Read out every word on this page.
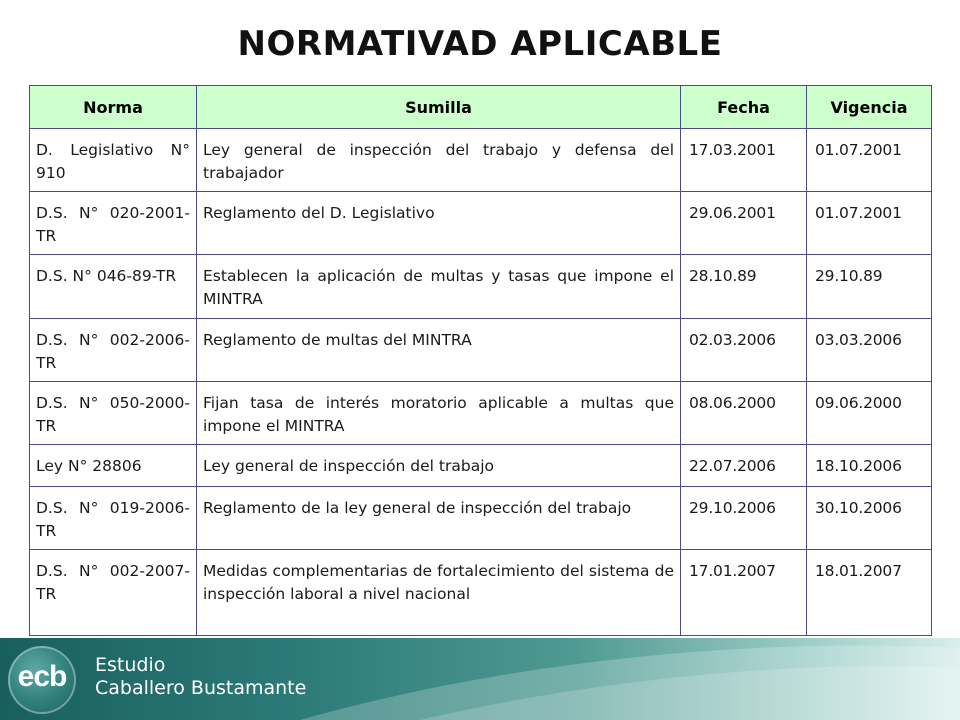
NORMATIVAD APLICABLE
Norma	Sumilla	Fecha	Vigencia
D. Legislativo N° 910	Ley general de inspección del trabajo y defensa del trabajador	17.03.2001	01.07.2001
D.S. N° 020-2001-TR	Reglamento del D. Legislativo	29.06.2001	01.07.2001
D.S. N° 046-89-TR	Establecen la aplicación de multas y tasas que impone el MINTRA	28.10.89	29.10.89
D.S. N° 002-2006-TR	Reglamento de multas del MINTRA	02.03.2006	03.03.2006
D.S. N° 050-2000-TR	Fijan tasa de interés moratorio aplicable a multas que impone el MINTRA	08.06.2000	09.06.2000
Ley N° 28806	Ley general de inspección del trabajo	22.07.2006	18.10.2006
D.S. N° 019-2006-TR	Reglamento de la ley general de inspección del trabajo	29.10.2006	30.10.2006
D.S. N° 002-2007-TR	Medidas complementarias de fortalecimiento del sistema de inspección laboral a nivel nacional	17.01.2007	18.01.2007
ecb	Estudio
Caballero Bustamante
